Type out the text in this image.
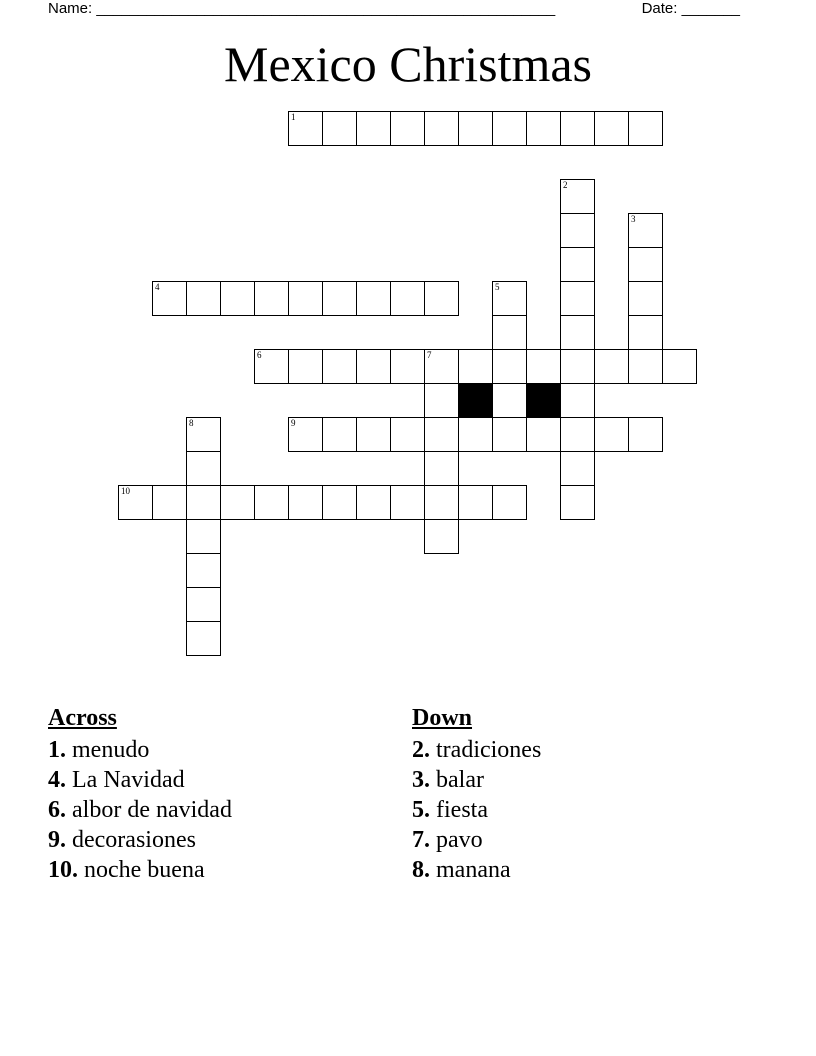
Name: _______________________________________________________	Date: _______
Mexico Christmas
1
2
3
4	5
6	7
8	9
10
Across
1. menudo
4. La Navidad
6. albor de navidad
9. decorasiones
10. noche buena
Down
2. tradiciones
3. balar
5. fiesta
7. pavo
8. manana
